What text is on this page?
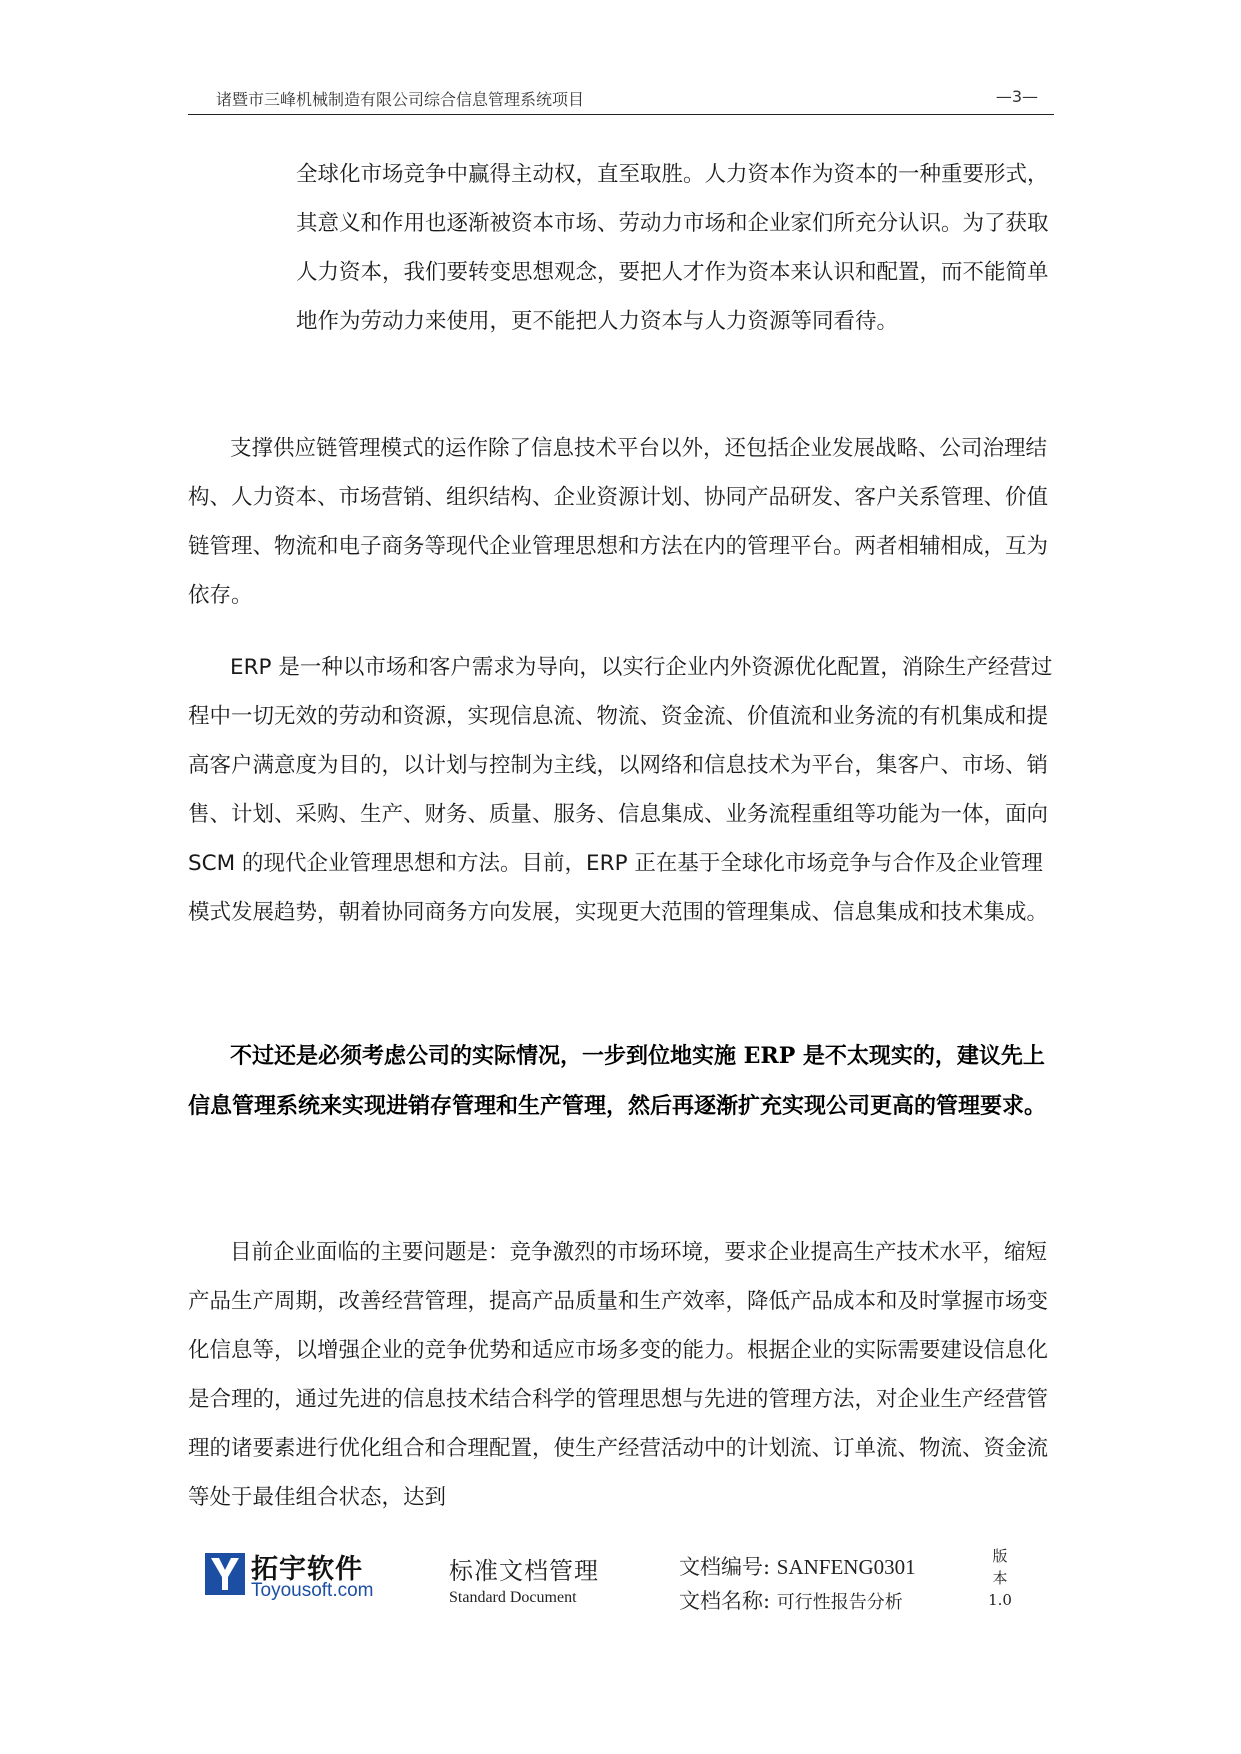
诸暨市三峰机械制造有限公司综合信息管理系统项目	—3—

全球化市场竞争中赢得主动权，直至取胜。人力资本作为资本的一种重要形式，其意义和作用也逐渐被资本市场、劳动力市场和企业家们所充分认识。为了获取人力资本，我们要转变思想观念，要把人才作为资本来认识和配置，而不能简单地作为劳动力来使用，更不能把人力资本与人力资源等同看待。

支撑供应链管理模式的运作除了信息技术平台以外，还包括企业发展战略、公司治理结构、人力资本、市场营销、组织结构、企业资源计划、协同产品研发、客户关系管理、价值链管理、物流和电子商务等现代企业管理思想和方法在内的管理平台。两者相辅相成，互为依存。

ERP 是一种以市场和客户需求为导向，以实行企业内外资源优化配置，消除生产经营过程中一切无效的劳动和资源，实现信息流、物流、资金流、价值流和业务流的有机集成和提高客户满意度为目的，以计划与控制为主线，以网络和信息技术为平台，集客户、市场、销售、计划、采购、生产、财务、质量、服务、信息集成、业务流程重组等功能为一体，面向 SCM 的现代企业管理思想和方法。目前，ERP 正在基于全球化市场竞争与合作及企业管理模式发展趋势，朝着协同商务方向发展，实现更大范围的管理集成、信息集成和技术集成。

不过还是必须考虑公司的实际情况，一步到位地实施 ERP 是不太现实的，建议先上信息管理系统来实现进销存管理和生产管理，然后再逐渐扩充实现公司更高的管理要求。

目前企业面临的主要问题是：竞争激烈的市场环境，要求企业提高生产技术水平，缩短产品生产周期，改善经营管理，提高产品质量和生产效率，降低产品成本和及时掌握市场变化信息等，以增强企业的竞争优势和适应市场多变的能力。根据企业的实际需要建设信息化是合理的，通过先进的信息技术结合科学的管理思想与先进的管理方法，对企业生产经营管理的诸要素进行优化组合和合理配置，使生产经营活动中的计划流、订单流、物流、资金流等处于最佳组合状态，达到

拓宇软件
Toyousoft.com
标准文档管理
Standard Document
文档编号: SANFENG0301
文档名称: 可行性报告分析
版
本
1.0
